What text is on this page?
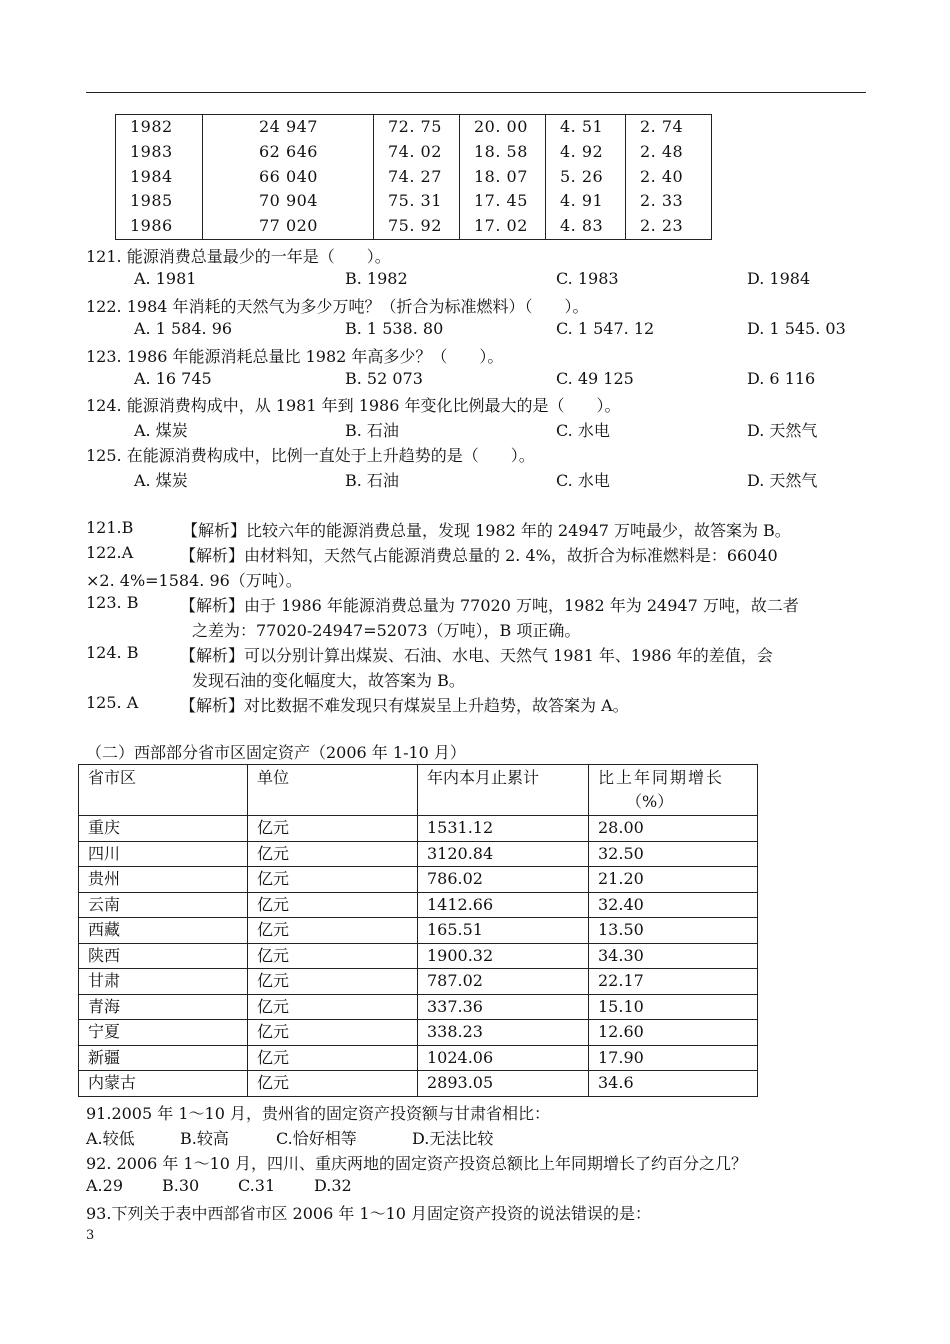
1982	24 947	72. 75	20. 00	4. 51	2. 74
1983	62 646	74. 02	18. 58	4. 92	2. 48
1984	66 040	74. 27	18. 07	5. 26	2. 40
1985	70 904	75. 31	17. 45	4. 91	2. 33
1986	77 020	75. 92	17. 02	4. 83	2. 23
121. 能源消费总量最少的一年是（　　）。
A. 1981	B. 1982	C. 1983	D. 1984
122. 1984 年消耗的天然气为多少万吨？（折合为标准燃料）（　　）。
A. 1 584. 96	B. 1 538. 80	C. 1 547. 12	D. 1 545. 03
123. 1986 年能源消耗总量比 1982 年高多少？（　　）。
A. 16 745	B. 52 073	C. 49 125	D. 6 116
124. 能源消费构成中，从 1981 年到 1986 年变化比例最大的是（　　）。
A. 煤炭	B. 石油	C. 水电	D. 天然气
125. 在能源消费构成中，比例一直处于上升趋势的是（　　）。
A. 煤炭	B. 石油	C. 水电	D. 天然气
121.B	【解析】比较六年的能源消费总量，发现 1982 年的 24947 万吨最少，故答案为 B。
122.A	【解析】由材料知，天然气占能源消费总量的 2. 4%，故折合为标准燃料是：66040
×2. 4%=1584. 96（万吨）。
123. B	【解析】由于 1986 年能源消费总量为 77020 万吨，1982 年为 24947 万吨，故二者
之差为：77020-24947=52073（万吨），B 项正确。
124. B	【解析】可以分别计算出煤炭、石油、水电、天然气 1981 年、1986 年的差值，会
发现石油的变化幅度大，故答案为 B。
125. A	【解析】对比数据不难发现只有煤炭呈上升趋势，故答案为 A。
（二）西部部分省市区固定资产（2006 年 1-10 月）
省市区	单位	年内本月止累计	比上年同期增长
（%）

重庆	亿元	1531.12	28.00
四川	亿元	3120.84	32.50
贵州	亿元	786.02	21.20
云南	亿元	1412.66	32.40
西藏	亿元	165.51	13.50
陕西	亿元	1900.32	34.30
甘肃	亿元	787.02	22.17
青海	亿元	337.36	15.10
宁夏	亿元	338.23	12.60
新疆	亿元	1024.06	17.90
内蒙古	亿元	2893.05	34.6
91.2005 年 1～10 月，贵州省的固定资产投资额与甘肃省相比：
A.较低	B.较高	C.恰好相等	D.无法比较
92. 2006 年 1～10 月，四川、重庆两地的固定资产投资总额比上年同期增长了约百分之几？
A.29 B.30 C.31 D.32
93.下列关于表中西部省市区 2006 年 1～10 月固定资产投资的说法错误的是：
3
